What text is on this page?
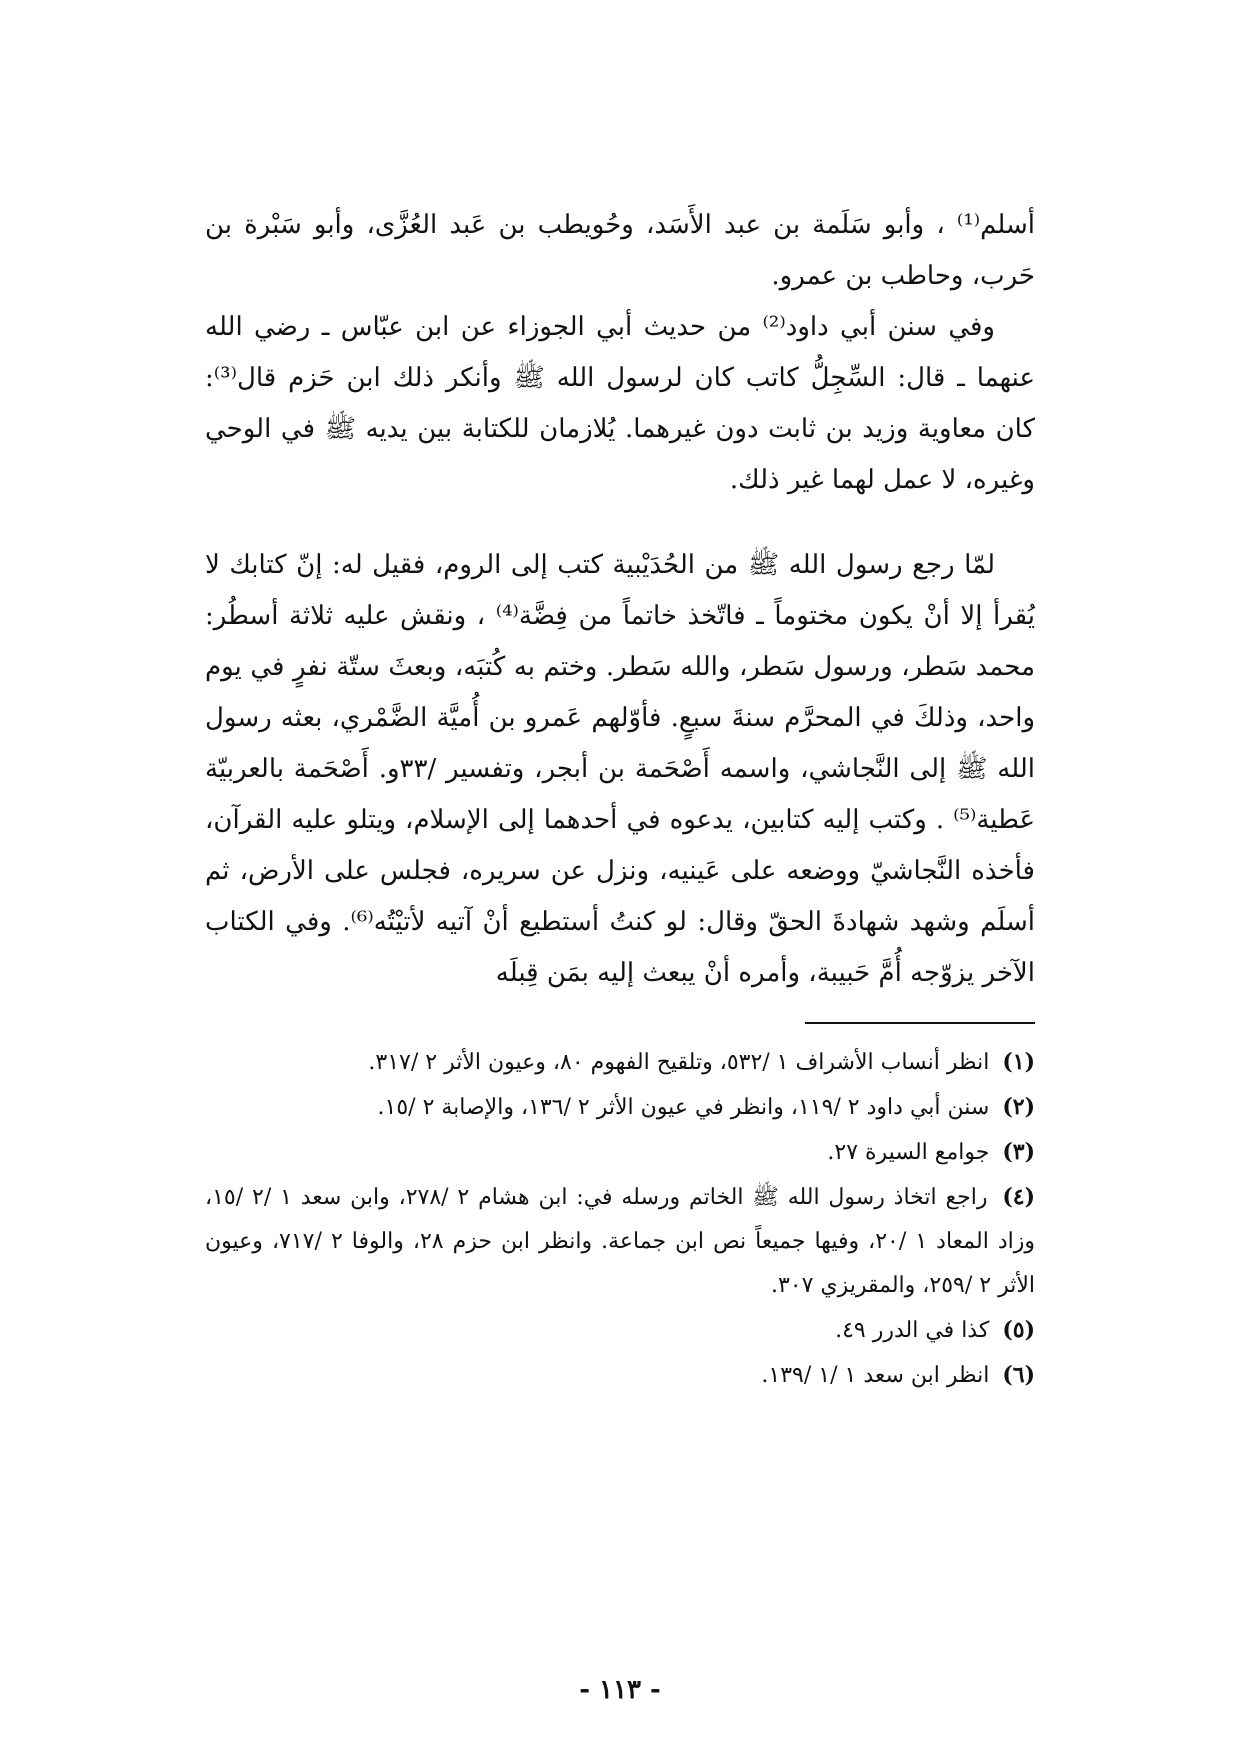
أسلم⁽¹⁾ ، وأبو سَلَمة بن عبد الأَسَد، وحُويطب بن عَبد العُزَّى، وأبو سَبْرة بن حَرب، وحاطب بن عمرو.

وفي سنن أبي داود⁽²⁾ من حديث أبي الجوزاء عن ابن عبّاس ـ رضي الله عنهما ـ قال: السِّجِلُّ كاتب كان لرسول الله ﷺ وأنكر ذلك ابن حَزم قال⁽³⁾: كان معاوية وزيد بن ثابت دون غيرهما. يُلازمان للكتابة بين يديه ﷺ في الوحي وغيره، لا عمل لهما غير ذلك.

لمّا رجع رسول الله ﷺ من الحُدَيْبية كتب إلى الروم، فقيل له: إنّ كتابك لا يُقرأ إلا أنْ يكون مختوماً ـ فاتّخذ خاتماً من فِضَّة⁽⁴⁾ ، ونقش عليه ثلاثة أسطُر: محمد سَطر، ورسول سَطر، والله سَطر. وختم به كُتبَه، وبعثَ ستّة نفرٍ في يوم واحد، وذلكَ في المحرَّم سنةَ سبعٍ. فأوّلهم عَمرو بن أُميَّة الضَّمْري، بعثه رسول الله ﷺ إلى النَّجاشي، واسمه أَصْحَمة بن أبجر، وتفسير /٣٣و. أَصْحَمة بالعربيّة عَطية⁽⁵⁾ . وكتب إليه كتابين، يدعوه في أحدهما إلى الإسلام، ويتلو عليه القرآن، فأخذه النَّجاشيّ ووضعه على عَينيه، ونزل عن سريره، فجلس على الأرض، ثم أسلَم وشهد شهادةَ الحقّ وقال: لو كنتُ أستطيع أنْ آتيه لأتيْتُه⁽⁶⁾. وفي الكتاب الآخر يزوّجه أُمَّ حَبيبة، وأمره أنْ يبعث إليه بمَن قِبلَه

(١) انظر أنساب الأشراف ١ /٥٣٢، وتلقيح الفهوم ٨٠، وعيون الأثر ٢ /٣١٧.

(٢) سنن أبي داود ٢ /١١٩، وانظر في عيون الأثر ٢ /١٣٦، والإصابة ٢ /١٥.

(٣) جوامع السيرة ٢٧.

(٤) راجع اتخاذ رسول الله ﷺ الخاتم ورسله في: ابن هشام ٢ /٢٧٨، وابن سعد ١ /٢ /١٥، وزاد المعاد ١ /٢٠، وفيها جميعاً نص ابن جماعة. وانظر ابن حزم ٢٨، والوفا ٢ /٧١٧، وعيون الأثر ٢ /٢٥٩، والمقريزي ٣٠٧.

(٥) كذا في الدرر ٤٩.

(٦) انظر ابن سعد ١ /١ /١٣٩.

- ١١٣ -
